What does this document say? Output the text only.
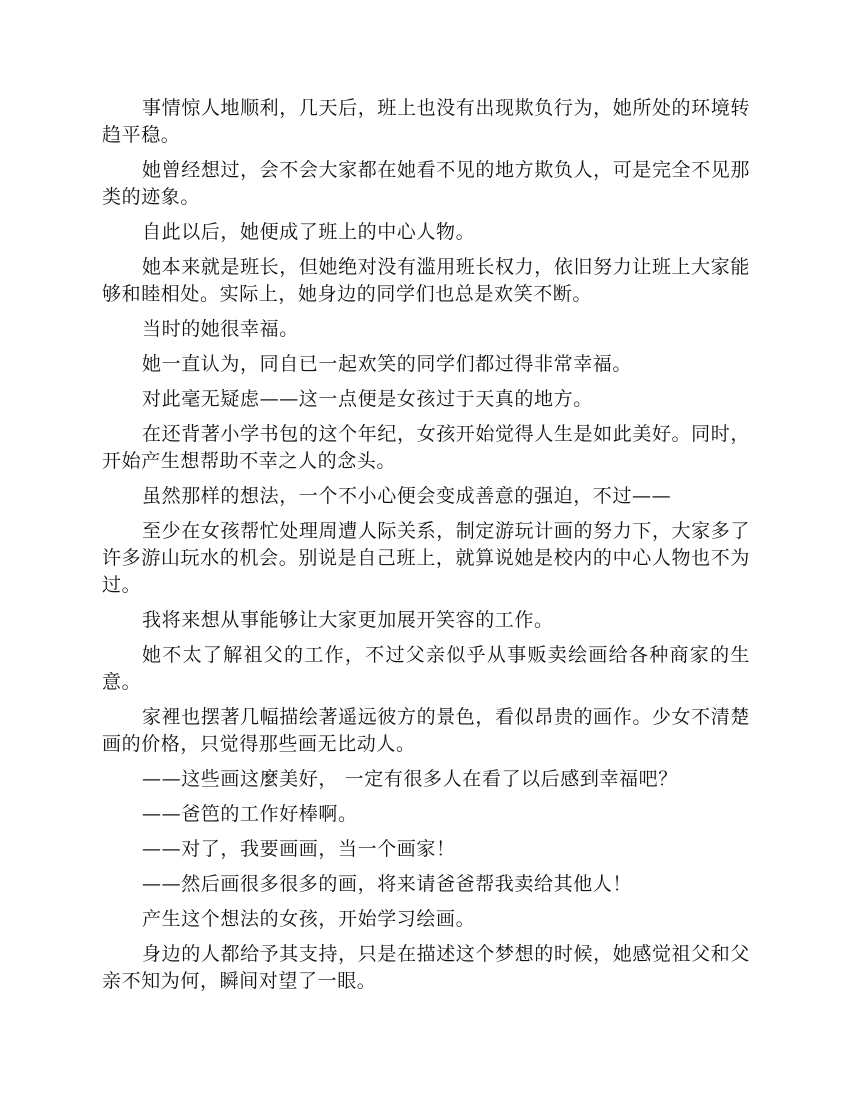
事情惊人地顺利，几天后，班上也没有出现欺负行为，她所处的环境转趋平稳。

她曾经想过，会不会大家都在她看不见的地方欺负人，可是完全不见那类的迹象。

自此以后，她便成了班上的中心人物。

她本来就是班长，但她绝对没有滥用班长权力，依旧努力让班上大家能够和睦相处。实际上，她身边的同学们也总是欢笑不断。

当时的她很幸福。

她一直认为，同自已一起欢笑的同学们都过得非常幸福。

对此毫无疑虑——这一点便是女孩过于天真的地方。

在还背著小学书包的这个年纪，女孩开始觉得人生是如此美好。同时，开始产生想帮助不幸之人的念头。

虽然那样的想法，一个不小心便会变成善意的强迫，不过——

至少在女孩帮忙处理周遭人际关系，制定游玩计画的努力下，大家多了许多游山玩水的机会。别说是自己班上，就算说她是校内的中心人物也不为过。

我将来想从事能够让大家更加展开笑容的工作。

她不太了解祖父的工作，不过父亲似乎从事贩卖绘画给各种商家的生意。

家裡也摆著几幅描绘著遥远彼方的景色，看似昂贵的画作。少女不清楚画的价格，只觉得那些画无比动人。

——这些画这麼美好， 一定有很多人在看了以后感到幸福吧？

——爸笆的工作好棒啊。

——对了，我要画画，当一个画家！

——然后画很多很多的画，将来请爸爸帮我卖给其他人！

产生这个想法的女孩，开始学习绘画。

身边的人都给予其支持，只是在描述这个梦想的时候，她感觉祖父和父亲不知为何，瞬间对望了一眼。
